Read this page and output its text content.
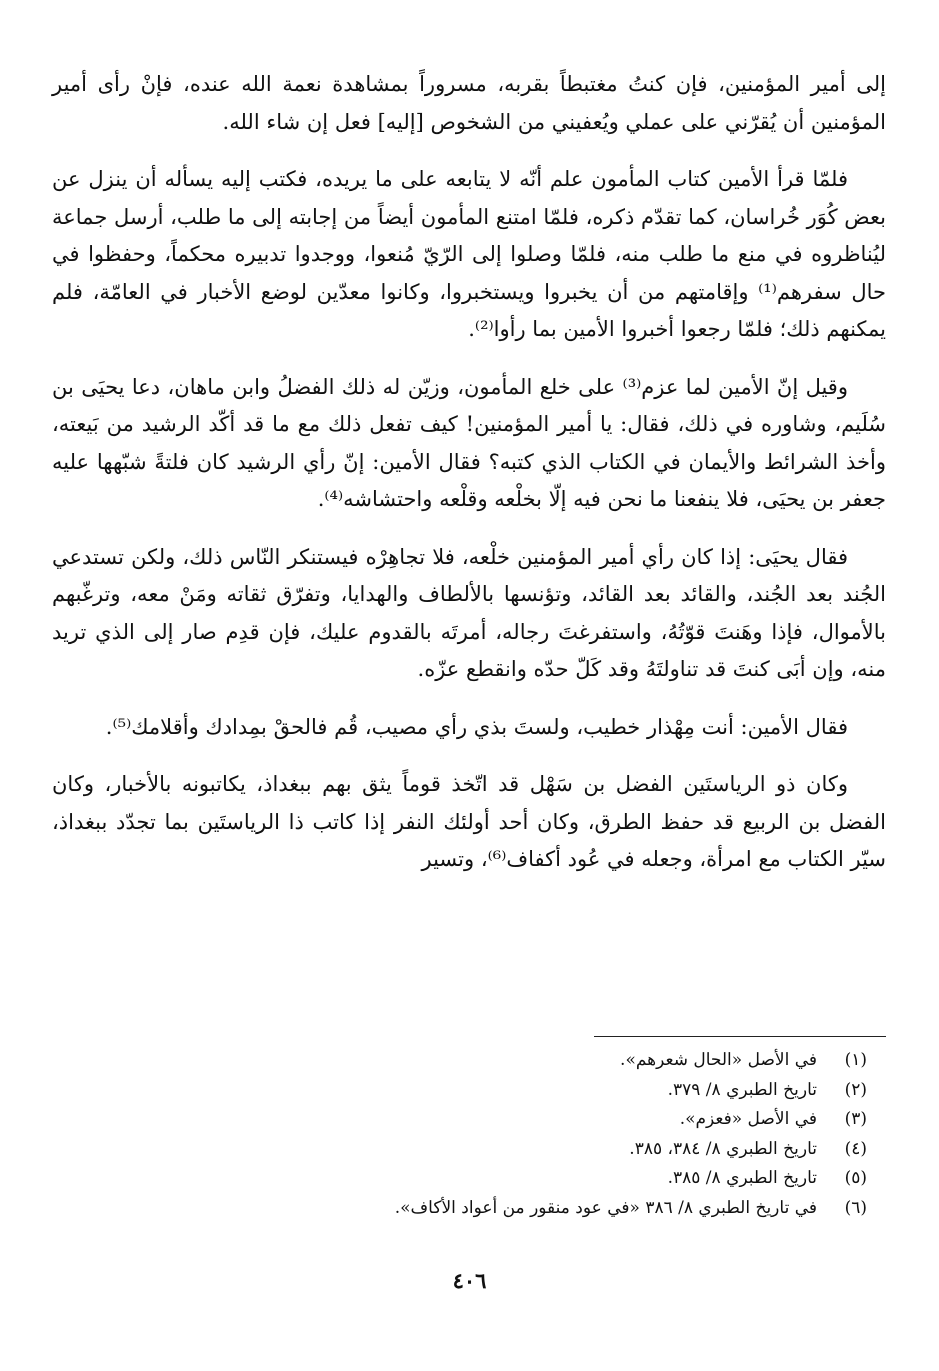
إلى أمير المؤمنين، فإن كنتُ مغتبطاً بقربه، مسروراً بمشاهدة نعمة الله عنده، فإنْ رأى أمير المؤمنين أن يُقرّني على عملي ويُعفيني من الشخوص [إليه] فعل إن شاء الله.

فلمّا قرأ الأمين كتاب المأمون علم أنّه لا يتابعه على ما يريده، فكتب إليه يسأله أن ينزل عن بعض كُوَر خُراسان، كما تقدّم ذكره، فلمّا امتنع المأمون أيضاً من إجابته إلى ما طلب، أرسل جماعة ليُناظروه في منع ما طلب منه، فلمّا وصلوا إلى الرّيّ مُنعوا، ووجدوا تدبيره محكماً، وحفظوا في حال سفرهم⁽¹⁾ وإقامتهم من أن يخبروا ويستخبروا، وكانوا معدّين لوضع الأخبار في العامّة، فلم يمكنهم ذلك؛ فلمّا رجعوا أخبروا الأمين بما رأوا⁽²⁾.

وقيل إنّ الأمين لما عزم⁽³⁾ على خلع المأمون، وزيّن له ذلك الفضلُ وابن ماهان، دعا يحيَى بن سُلَيم، وشاوره في ذلك، فقال: يا أمير المؤمنين! كيف تفعل ذلك مع ما قد أكّد الرشيد من بَيعته، وأخذ الشرائط والأيمان في الكتاب الذي كتبه؟ فقال الأمين: إنّ رأي الرشيد كان فلتةً شبّهها عليه جعفر بن يحيَى، فلا ينفعنا ما نحن فيه إلّا بخلْعه وقلْعه واحتشاشه⁽⁴⁾.

فقال يحيَى: إذا كان رأي أمير المؤمنين خلْعه، فلا تجاهِرْه فيستنكر النّاس ذلك، ولكن تستدعي الجُند بعد الجُند، والقائد بعد القائد، وتؤنسها بالألطاف والهدايا، وتفرّق ثقاته ومَنْ معه، وترغّبهم بالأموال، فإذا وهَنتَ قوّتُهُ، واستفرغتَ رجاله، أمرتَه بالقدوم عليك، فإن قدِم صار إلى الذي تريد منه، وإن أبَى كنتَ قد تناولتَهُ وقد كَلّ حدّه وانقطع عزّه.

فقال الأمين: أنت مِهْذار خطيب، ولستَ بذي رأي مصيب، قُم فالحقْ بمِدادك وأقلامك⁽⁵⁾.

وكان ذو الرياستَين الفضل بن سَهْل قد اتّخذ قوماً يثق بهم ببغداذ، يكاتبونه بالأخبار، وكان الفضل بن الربيع قد حفظ الطرق، وكان أحد أولئك النفر إذا كاتب ذا الرياستَين بما تجدّد ببغداذ، سيّر الكتاب مع امرأة، وجعله في عُود أكفاف⁽⁶⁾، وتسير

(١)
في الأصل «الحال شعرهم».
(٢)
تاريخ الطبري ٨/ ٣٧٩.
(٣)
في الأصل «فعزم».
(٤)
تاريخ الطبري ٨/ ٣٨٤، ٣٨٥.
(٥)
تاريخ الطبري ٨/ ٣٨٥.
(٦)
في تاريخ الطبري ٨/ ٣٨٦ «في عود منقور من أعواد الأكاف».
٤٠٦
